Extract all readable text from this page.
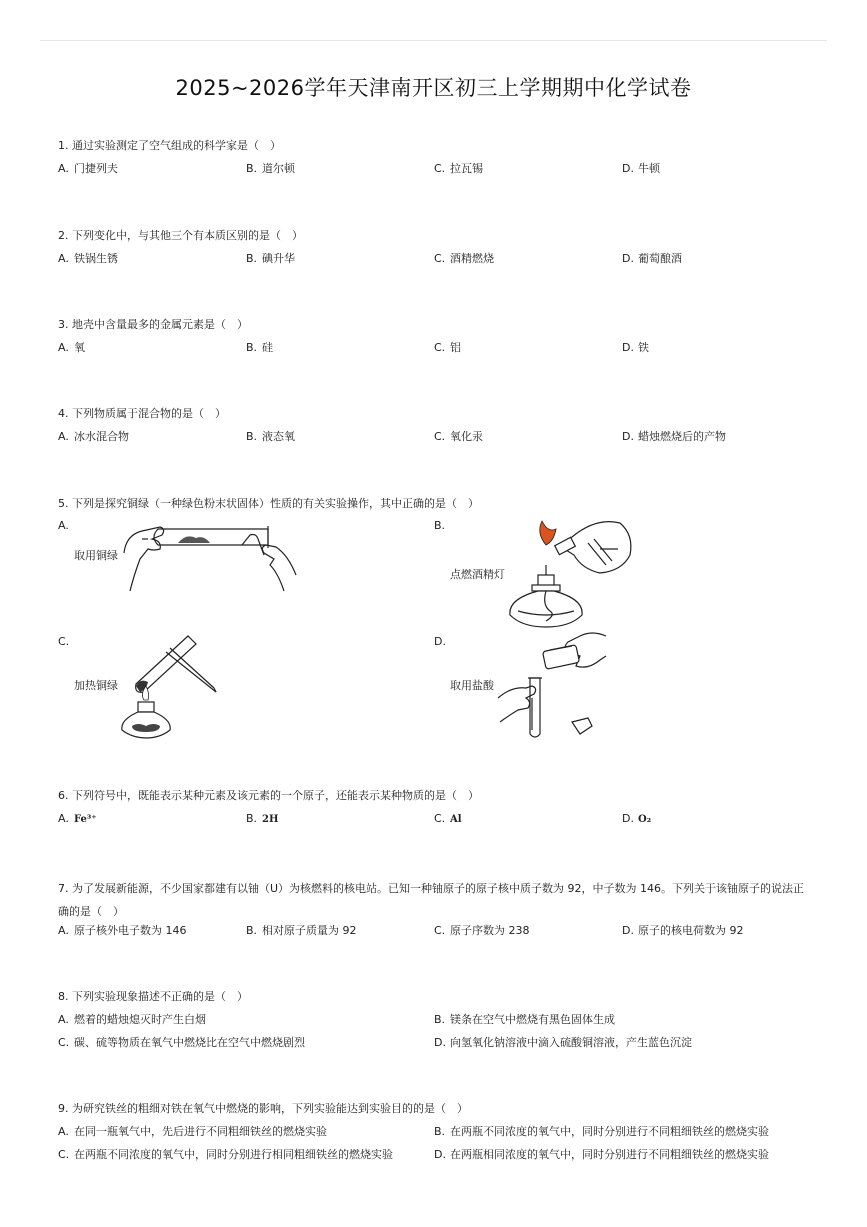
2025~2026学年天津南开区初三上学期期中化学试卷

1. 通过实验测定了空气组成的科学家是（　）

A. 门捷列夫	B. 道尔顿	C. 拉瓦锡	D. 牛顿

2. 下列变化中，与其他三个有本质区别的是（　）

A. 铁锅生锈	B. 碘升华	C. 酒精燃烧	D. 葡萄酿酒

3. 地壳中含量最多的金属元素是（　）

A. 氧	B. 硅	C. 铝	D. 铁

4. 下列物质属于混合物的是（　）

A. 冰水混合物	B. 液态氧	C. 氧化汞	D. 蜡烛燃烧后的产物

5. 下列是探究铜绿（一种绿色粉末状固体）性质的有关实验操作，其中正确的是（　）

A.
取用铜绿
B.
点燃酒精灯
C.
加热铜绿
D.
取用盐酸

6. 下列符号中，既能表示某种元素及该元素的一个原子，还能表示某种物质的是（　）

A. Fe³⁺	B. 2H	C. Al	D. O₂

7. 为了发展新能源，不少国家都建有以铀（U）为核燃料的核电站。已知一种铀原子的原子核中质子数为 92，中子数为 146。下列关于该铀原子的说法正确的是（　）

A. 原子核外电子数为 146	B. 相对原子质量为 92	C. 原子序数为 238	D. 原子的核电荷数为 92

8. 下列实验现象描述不正确的是（　）

A. 燃着的蜡烛熄灭时产生白烟	B. 镁条在空气中燃烧有黑色固体生成
C. 碳、硫等物质在氧气中燃烧比在空气中燃烧剧烈	D. 向氢氧化钠溶液中滴入硫酸铜溶液，产生蓝色沉淀

9. 为研究铁丝的粗细对铁在氧气中燃烧的影响，下列实验能达到实验目的的是（　）

A. 在同一瓶氧气中，先后进行不同粗细铁丝的燃烧实验	B. 在两瓶不同浓度的氧气中，同时分别进行不同粗细铁丝的燃烧实验
C. 在两瓶不同浓度的氧气中，同时分别进行相同粗细铁丝的燃烧实验	D. 在两瓶相同浓度的氧气中，同时分别进行不同粗细铁丝的燃烧实验
